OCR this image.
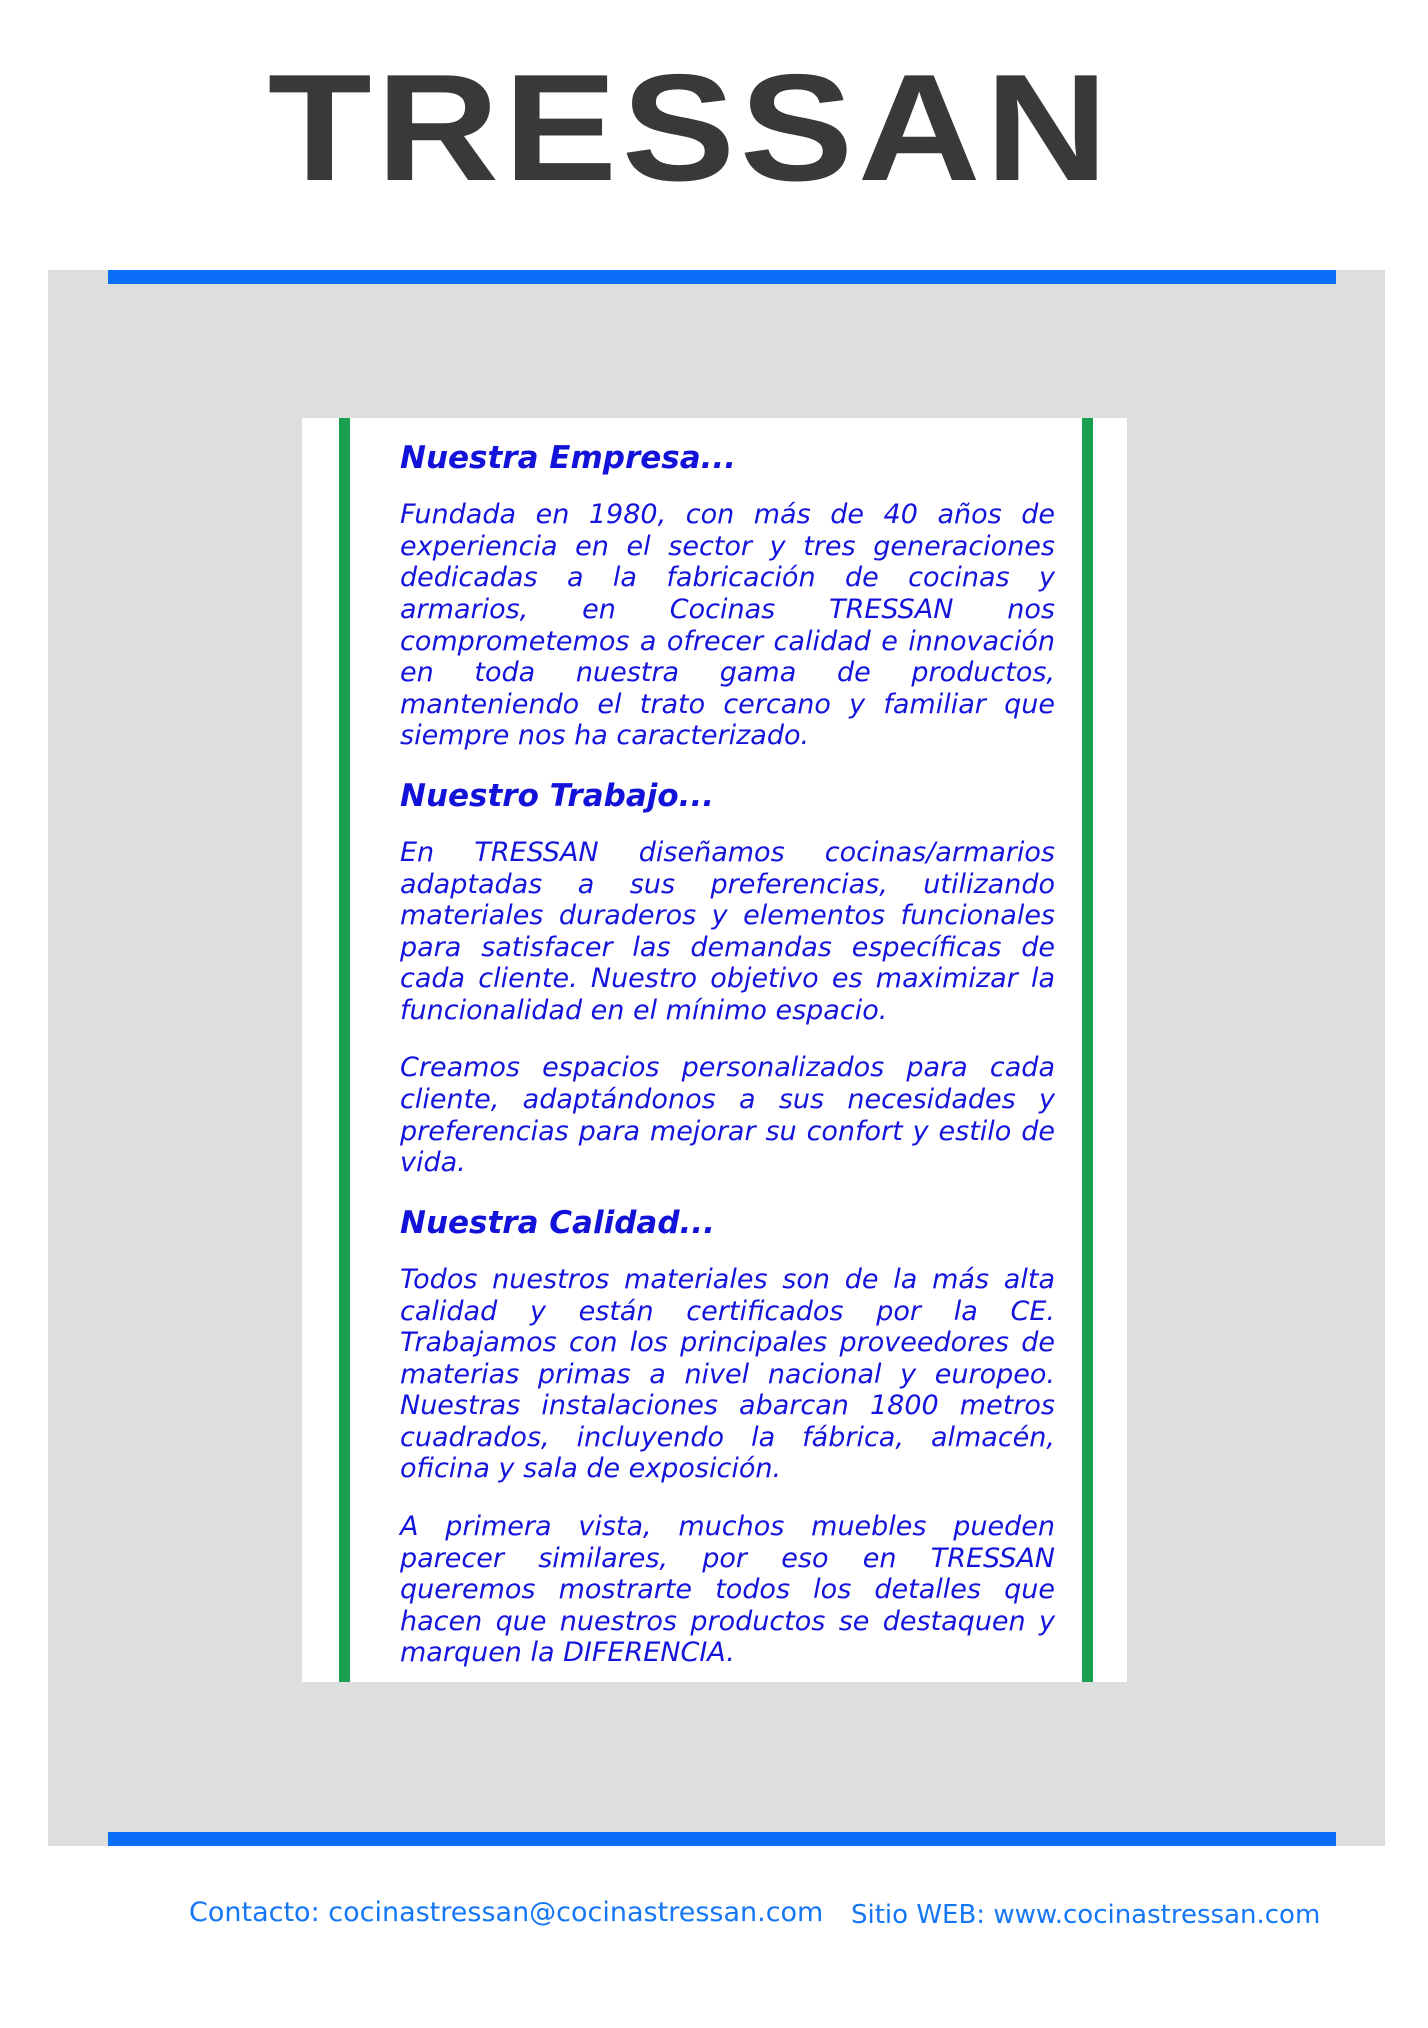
TRESSAN
Nuestra Empresa...

Fundada en 1980, con más de 40 años de experiencia en el sector y tres generaciones dedicadas a la fabricación de cocinas y armarios, en Cocinas TRESSAN nos comprometemos a ofrecer calidad e innovación en toda nuestra gama de productos, manteniendo el trato cercano y familiar que siempre nos ha caracterizado.

Nuestro Trabajo...

En TRESSAN diseñamos cocinas/armarios adaptadas a sus preferencias, utilizando materiales duraderos y elementos funcionales para satisfacer las demandas específicas de cada cliente. Nuestro objetivo es maximizar la funcionalidad en el mínimo espacio.

Creamos espacios personalizados para cada cliente, adaptándonos a sus necesidades y preferencias para mejorar su confort y estilo de vida.

Nuestra Calidad...

Todos nuestros materiales son de la más alta calidad y están certificados por la CE. Trabajamos con los principales proveedores de materias primas a nivel nacional y europeo. Nuestras instalaciones abarcan 1800 metros cuadrados, incluyendo la fábrica, almacén, oficina y sala de exposición.

A primera vista, muchos muebles pueden parecer similares, por eso en TRESSAN queremos mostrarte todos los detalles que hacen que nuestros productos se destaquen y marquen la DIFERENCIA.

Contacto: cocinastressan@cocinastressan.com Sitio WEB: www.cocinastressan.com
